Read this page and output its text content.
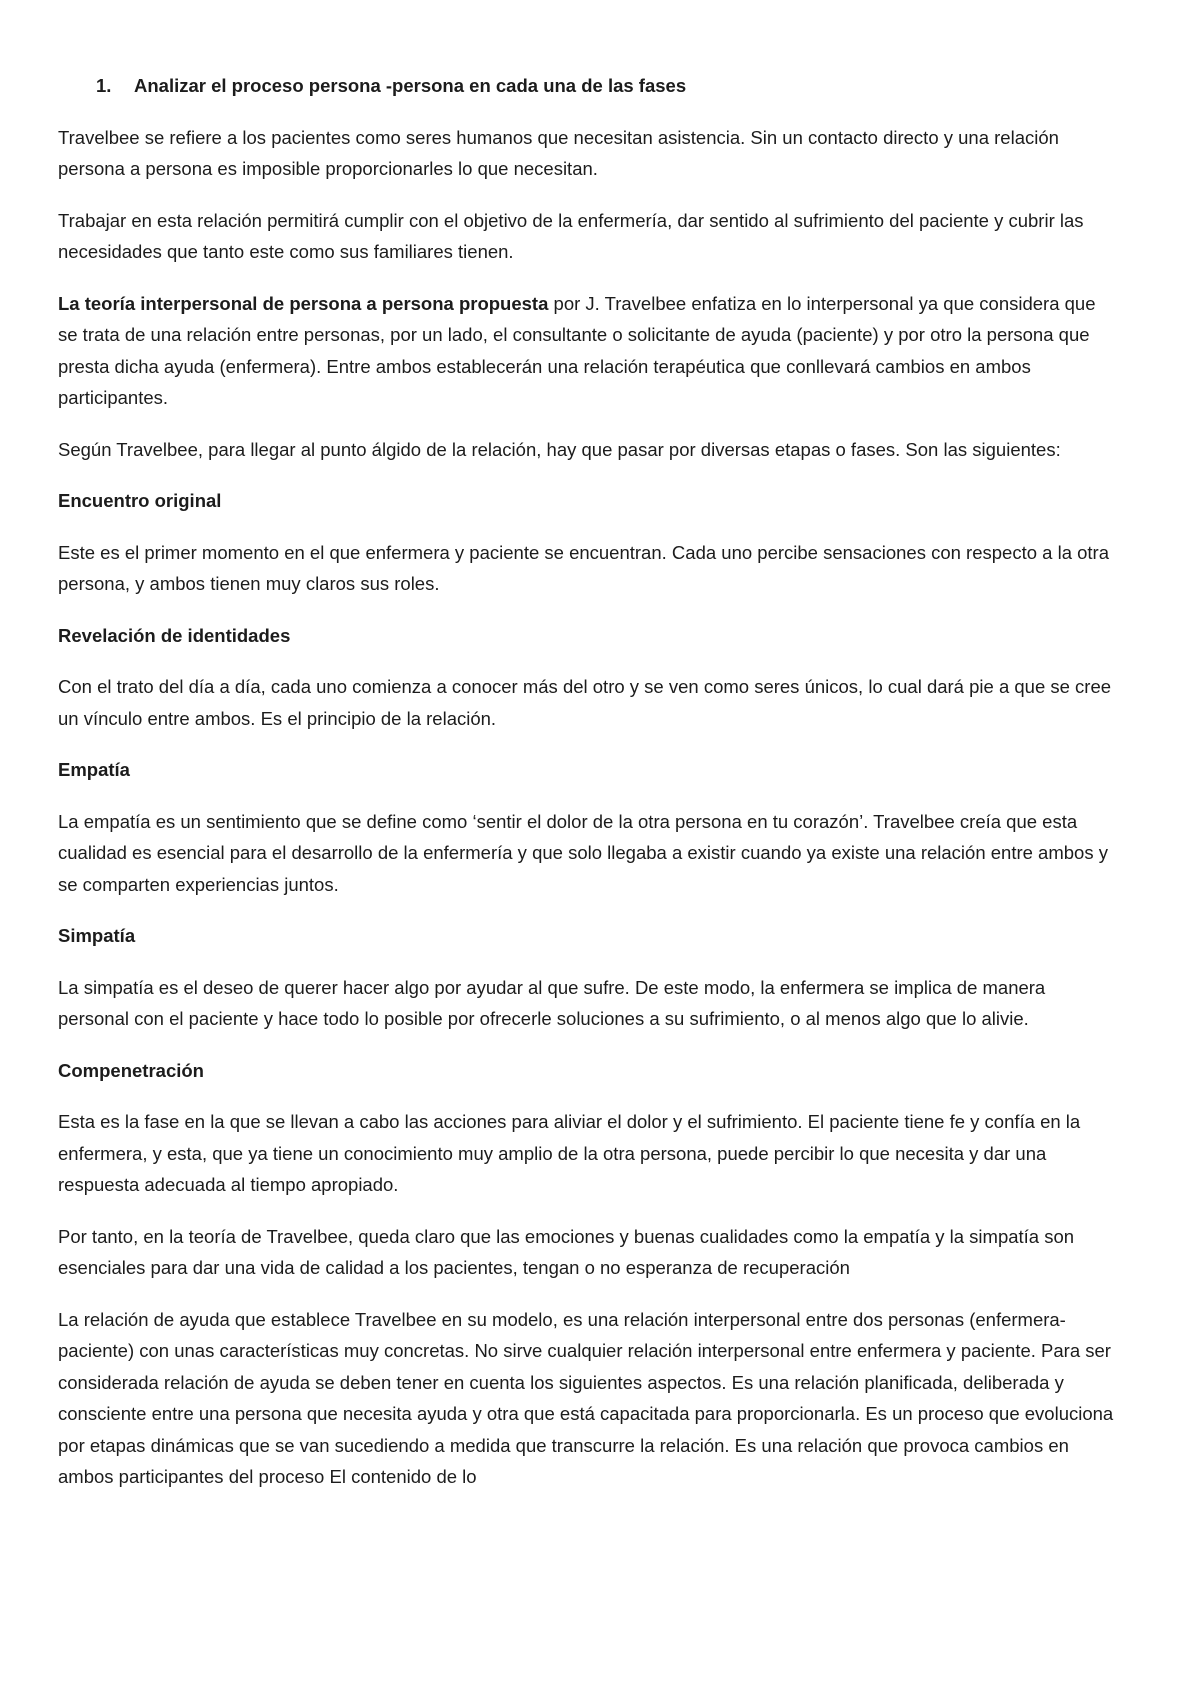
1.	Analizar el proceso persona -persona en cada una de las fases

Travelbee se refiere a los pacientes como seres humanos que necesitan asistencia. Sin un contacto directo y una relación persona a persona es imposible proporcionarles lo que necesitan.

Trabajar en esta relación permitirá cumplir con el objetivo de la enfermería, dar sentido al sufrimiento del paciente y cubrir las necesidades que tanto este como sus familiares tienen.

La teoría interpersonal de persona a persona propuesta por J. Travelbee enfatiza en lo interpersonal ya que considera que se trata de una relación entre personas, por un lado, el consultante o solicitante de ayuda (paciente) y por otro la persona que presta dicha ayuda (enfermera). Entre ambos establecerán una relación terapéutica que conllevará cambios en ambos participantes.

Según Travelbee, para llegar al punto álgido de la relación, hay que pasar por diversas etapas o fases. Son las siguientes:

Encuentro original

Este es el primer momento en el que enfermera y paciente se encuentran. Cada uno percibe sensaciones con respecto a la otra persona, y ambos tienen muy claros sus roles.

Revelación de identidades

Con el trato del día a día, cada uno comienza a conocer más del otro y se ven como seres únicos, lo cual dará pie a que se cree un vínculo entre ambos. Es el principio de la relación.

Empatía

La empatía es un sentimiento que se define como ‘sentir el dolor de la otra persona en tu corazón’. Travelbee creía que esta cualidad es esencial para el desarrollo de la enfermería y que solo llegaba a existir cuando ya existe una relación entre ambos y se comparten experiencias juntos.

Simpatía

La simpatía es el deseo de querer hacer algo por ayudar al que sufre. De este modo, la enfermera se implica de manera personal con el paciente y hace todo lo posible por ofrecerle soluciones a su sufrimiento, o al menos algo que lo alivie.

Compenetración

Esta es la fase en la que se llevan a cabo las acciones para aliviar el dolor y el sufrimiento. El paciente tiene fe y confía en la enfermera, y esta, que ya tiene un conocimiento muy amplio de la otra persona, puede percibir lo que necesita y dar una respuesta adecuada al tiempo apropiado.

Por tanto, en la teoría de Travelbee, queda claro que las emociones y buenas cualidades como la empatía y la simpatía son esenciales para dar una vida de calidad a los pacientes, tengan o no esperanza de recuperación

La relación de ayuda que establece Travelbee en su modelo, es una relación interpersonal entre dos personas (enfermera-paciente) con unas características muy concretas. No sirve cualquier relación interpersonal entre enfermera y paciente. Para ser considerada relación de ayuda se deben tener en cuenta los siguientes aspectos. Es una relación planificada, deliberada y consciente entre una persona que necesita ayuda y otra que está capacitada para proporcionarla. Es un proceso que evoluciona por etapas dinámicas que se van sucediendo a medida que transcurre la relación. Es una relación que provoca cambios en ambos participantes del proceso El contenido de lo
